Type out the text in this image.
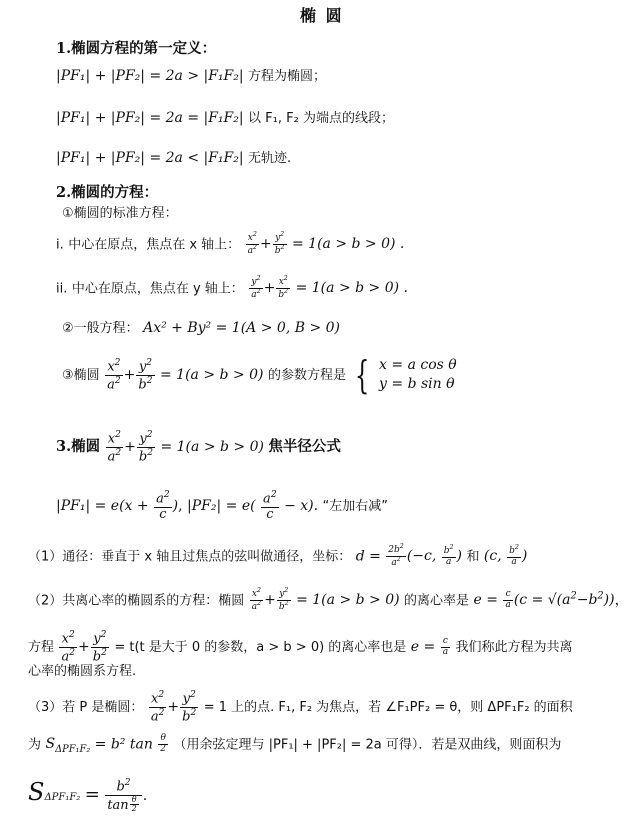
椭 圆
1.椭圆方程的第一定义：
|PF₁| + |PF₂| = 2a > |F₁F₂| 方程为椭圆；
|PF₁| + |PF₂| = 2a = |F₁F₂| 以 F₁, F₂ 为端点的线段；
|PF₁| + |PF₂| = 2a < |F₁F₂| 无轨迹.
2.椭圆的方程：
①椭圆的标准方程：
i. 中心在原点，焦点在 x 轴上： $\frac{x^2}{a^2} + \frac{y^2}{b^2} = 1(a > b > 0)$ .
ii. 中心在原点，焦点在 y 轴上： $\frac{y^2}{a^2} + \frac{x^2}{b^2} = 1(a > b > 0)$ .
②一般方程： Ax² + By² = 1(A > 0, B > 0)
③椭圆 $\frac{x^2}{a^2} + \frac{y^2}{b^2} = 1(a > b > 0)$ 的参数方程是 { x = a cos θ
y = b sin θ
3.椭圆 $\frac{x^2}{a^2} + \frac{y^2}{b^2} = 1(a > b > 0)$ 焦半径公式
$|PF_1| = e(x + \frac{a^2}{c}$ ), $|PF_2| = e( \frac{a^2}{c} - x)$. “左加右减”
（1）通径：垂直于 x 轴且过焦点的弦叫做通径，坐标： $d = \frac{2b^2}{a^2} (-c$, $\frac{b^2}{a}$ ) 和 (c, $\frac{b^2}{a}$ )
（2）共离心率的椭圆系的方程：椭圆 $\frac{x^2}{a^2} + \frac{y^2}{b^2} = 1(a > b > 0)$ 的离心率是 $e = \frac{c}{a} (c = √(a^2-b^2))$，
方程 $\frac{x^2}{a^2} + \frac{y^2}{b^2} = t(t$ 是大于 0 的参数，a > b > 0) 的离心率也是 $e = \frac{c}{a}$ 我们称此方程为共离
心率的椭圆系方程.
（3）若 P 是椭圆： $\frac{x^2}{a^2} + \frac{y^2}{b^2} = 1$ 上的点. F₁, F₂ 为焦点，若 ∠F₁PF₂ = θ，则 ΔPF₁F₂ 的面积
为 $S_{\Delta PF_1F_2} = b^2$ $\tan \frac{\theta}{2}$ （用余弦定理与 |PF₁| + |PF₂| = 2a 可得）．若是双曲线，则面积为
$S\Delta PF_1F_2 = \frac{b^2}{\tan \frac{\theta}{2}}$ .
